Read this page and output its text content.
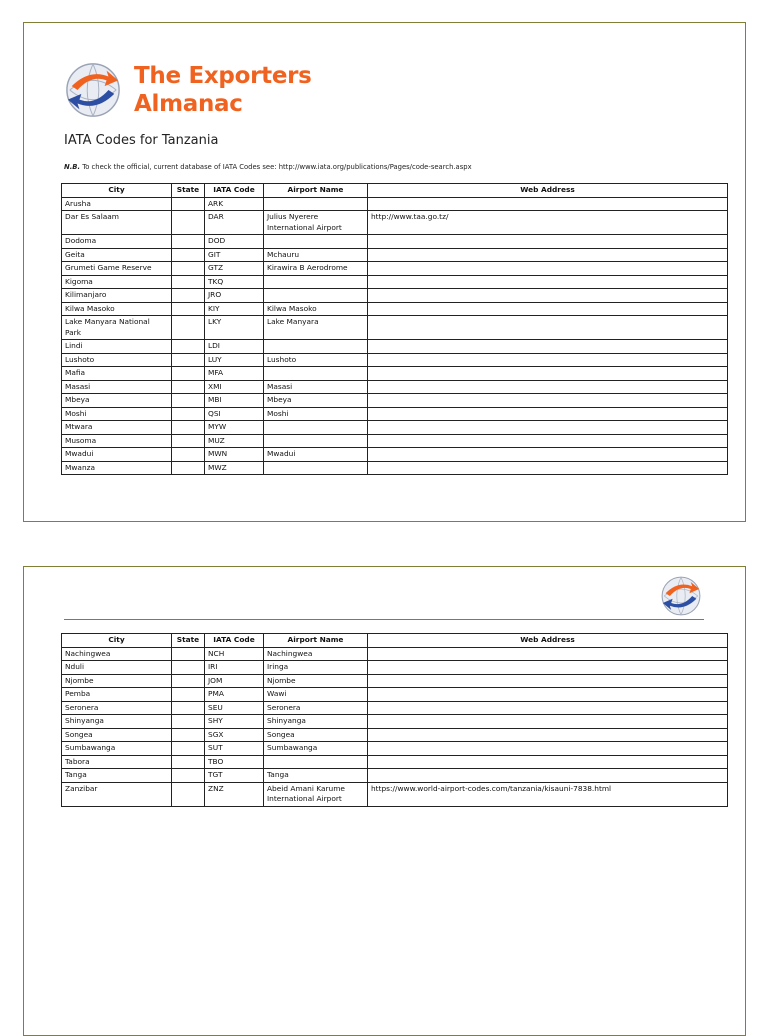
The Exporters
Almanac
IATA Codes for Tanzania
N.B. To check the official, current database of IATA Codes see: http://www.iata.org/publications/Pages/code-search.aspx
City	State	IATA Code	Airport Name	Web Address
Arusha		ARK		
Dar Es Salaam		DAR	Julius Nyerere International Airport	http://www.taa.go.tz/
Dodoma		DOD		
Geita		GIT	Mchauru	
Grumeti Game Reserve		GTZ	Kirawira B Aerodrome	
Kigoma		TKQ		
Kilimanjaro		JRO		
Kilwa Masoko		KIY	Kilwa Masoko	
Lake Manyara National Park		LKY	Lake Manyara	
Lindi		LDI		
Lushoto		LUY	Lushoto	
Mafia		MFA		
Masasi		XMI	Masasi	
Mbeya		MBI	Mbeya	
Moshi		QSI	Moshi	
Mtwara		MYW		
Musoma		MUZ		
Mwadui		MWN	Mwadui	
Mwanza		MWZ		
City	State	IATA Code	Airport Name	Web Address
Nachingwea		NCH	Nachingwea	
Nduli		IRI	Iringa	
Njombe		JOM	Njombe	
Pemba		PMA	Wawi	
Seronera		SEU	Seronera	
Shinyanga		SHY	Shinyanga	
Songea		SGX	Songea	
Sumbawanga		SUT	Sumbawanga	
Tabora		TBO		
Tanga		TGT	Tanga	
Zanzibar		ZNZ	Abeid Amani Karume International Airport	https://www.world-airport-codes.com/tanzania/kisauni-7838.html
